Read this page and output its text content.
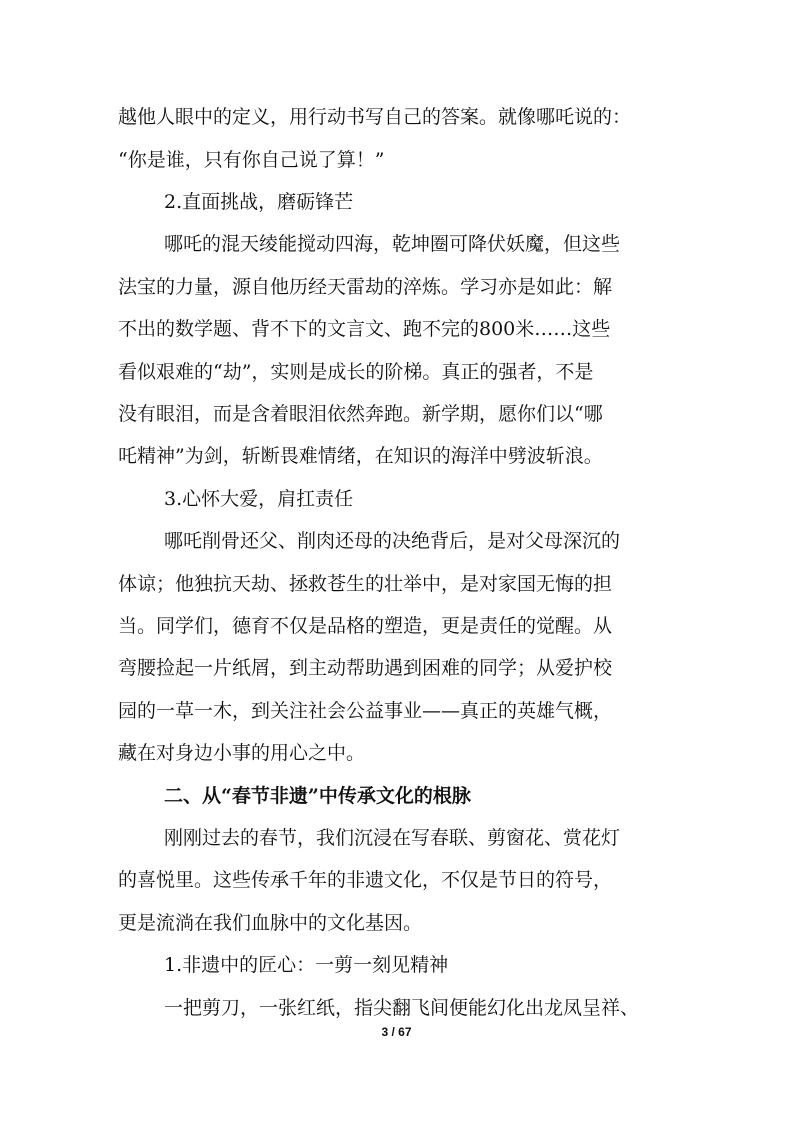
越他人眼中的定义，用行动书写自己的答案。就像哪吒说的：
“你是谁，只有你自己说了算！”
2.直面挑战，磨砺锋芒
哪吒的混天绫能搅动四海，乾坤圈可降伏妖魔，但这些
法宝的力量，源自他历经天雷劫的淬炼。学习亦是如此：解
不出的数学题、背不下的文言文、跑不完的800米……这些
看似艰难的“劫”，实则是成长的阶梯。真正的强者，不是
没有眼泪，而是含着眼泪依然奔跑。新学期，愿你们以“哪
吒精神”为剑，斩断畏难情绪，在知识的海洋中劈波斩浪。
3.心怀大爱，肩扛责任
哪吒削骨还父、削肉还母的决绝背后，是对父母深沉的
体谅；他独抗天劫、拯救苍生的壮举中，是对家国无悔的担
当。同学们，德育不仅是品格的塑造，更是责任的觉醒。从
弯腰捡起一片纸屑，到主动帮助遇到困难的同学；从爱护校
园的一草一木，到关注社会公益事业——真正的英雄气概，
藏在对身边小事的用心之中。
二、从“春节非遗”中传承文化的根脉
刚刚过去的春节，我们沉浸在写春联、剪窗花、赏花灯
的喜悦里。这些传承千年的非遗文化，不仅是节日的符号，
更是流淌在我们血脉中的文化基因。
1.非遗中的匠心：一剪一刻见精神
一把剪刀，一张红纸，指尖翻飞间便能幻化出龙凤呈祥、
3 / 67
